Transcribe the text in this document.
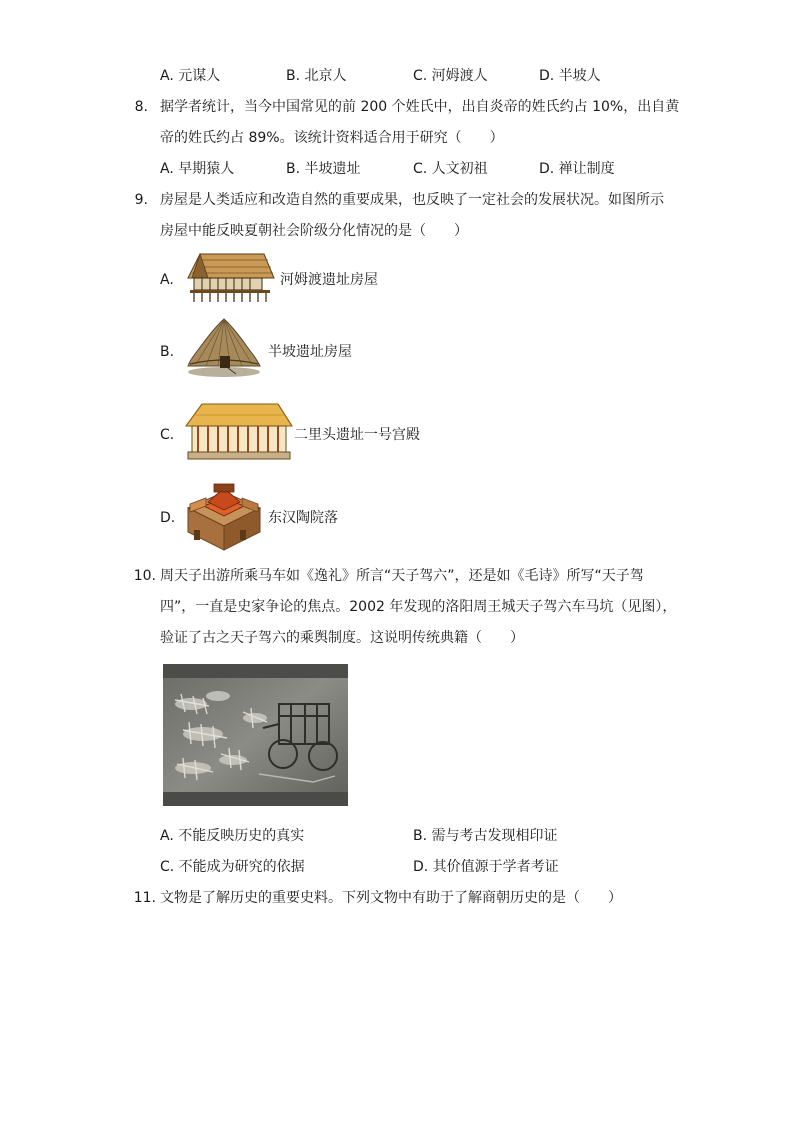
A. 元谋人	B. 北京人	C. 河姆渡人	D. 半坡人
8. 据学者统计，当今中国常见的前 200 个姓氏中，出自炎帝的姓氏约占 10%，出自黄
帝的姓氏约占 89%。该统计资料适合用于研究（　　）
A. 早期猿人	B. 半坡遗址	C. 人文初祖	D. 禅让制度
9. 房屋是人类适应和改造自然的重要成果，也反映了一定社会的发展状况。如图所示
房屋中能反映夏朝社会阶级分化情况的是（　　）
A.	河姆渡遗址房屋
B.	半坡遗址房屋
C.	二里头遗址一号宫殿
D.	东汉陶院落
10. 周天子出游所乘马车如《逸礼》所言“天子驾六”，还是如《毛诗》所写“天子驾
四”，一直是史家争论的焦点。2002 年发现的洛阳周王城天子驾六车马坑（见图），
验证了古之天子驾六的乘舆制度。这说明传统典籍（　　）
A. 不能反映历史的真实	B. 需与考古发现相印证
C. 不能成为研究的依据	D. 其价值源于学者考证
11. 文物是了解历史的重要史料。下列文物中有助于了解商朝历史的是（　　）
